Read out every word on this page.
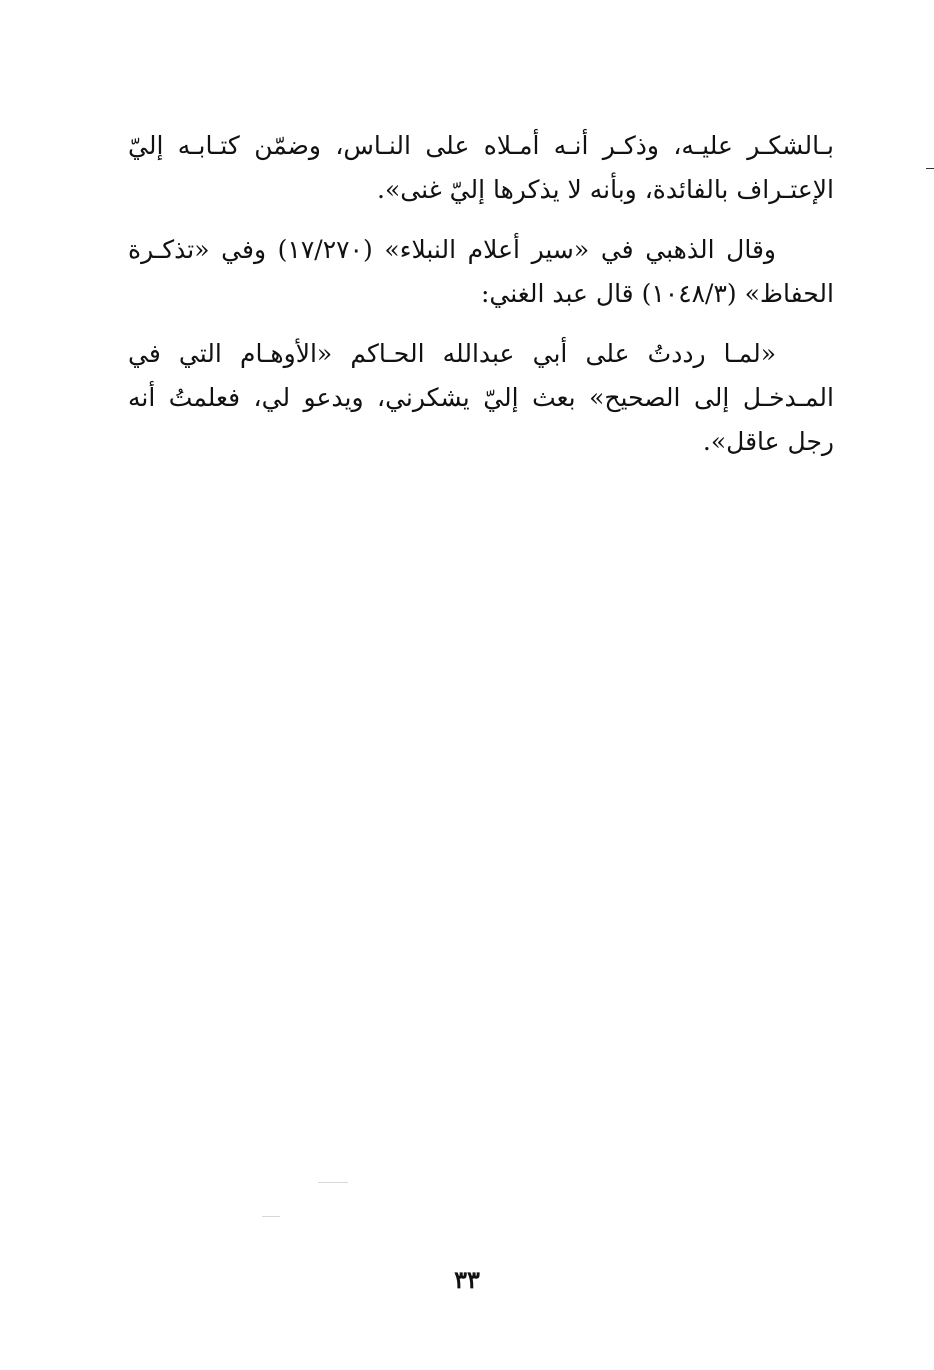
بـالشكـر عليـه، وذكـر أنـه أمـلاه على النـاس، وضمّن كتـابـه إليّ الإعتـراف بالفائدة، وبأنه لا يذكرها إليّ غنى».

وقال الذهبي في «سير أعلام النبلاء» (١٧/٢٧٠) وفي «تذكـرة الحفاظ» (١٠٤٨/٣) قال عبد الغني:

«لمـا رددتُ على أبي عبدالله الحـاكم «الأوهـام التي في المـدخـل إلى الصحيح» بعث إليّ يشكرني، ويدعو لي، فعلمتُ أنه رجل عاقل».

٣٣
